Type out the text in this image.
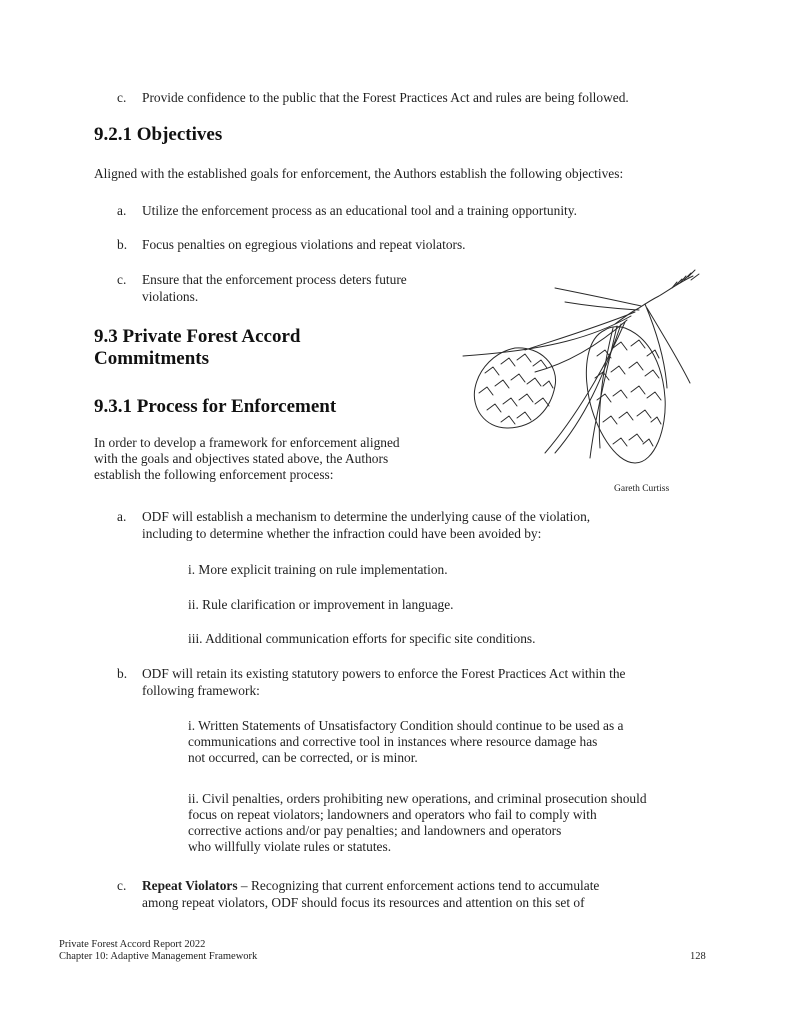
c. Provide confidence to the public that the Forest Practices Act and rules are being followed.
9.2.1 Objectives
Aligned with the established goals for enforcement, the Authors establish the following objectives:
a. Utilize the enforcement process as an educational tool and a training opportunity.
b. Focus penalties on egregious violations and repeat violators.
c. Ensure that the enforcement process deters future
violations.
9.3 Private Forest Accord
Commitments
9.3.1 Process for Enforcement
In order to develop a framework for enforcement aligned
with the goals and objectives stated above, the Authors
establish the following enforcement process:
Gareth Curtiss
a. ODF will establish a mechanism to determine the underlying cause of the violation,
including to determine whether the infraction could have been avoided by:
i. More explicit training on rule implementation.
ii. Rule clarification or improvement in language.
iii. Additional communication efforts for specific site conditions.
b. ODF will retain its existing statutory powers to enforce the Forest Practices Act within the
following framework:
i. Written Statements of Unsatisfactory Condition should continue to be used as a
communications and corrective tool in instances where resource damage has
not occurred, can be corrected, or is minor.
ii. Civil penalties, orders prohibiting new operations, and criminal prosecution should
focus on repeat violators; landowners and operators who fail to comply with
corrective actions and/or pay penalties; and landowners and operators
who willfully violate rules or statutes.
c. Repeat Violators – Recognizing that current enforcement actions tend to accumulate
among repeat violators, ODF should focus its resources and attention on this set of
Private Forest Accord Report 2022
Chapter 10: Adaptive Management Framework	128
